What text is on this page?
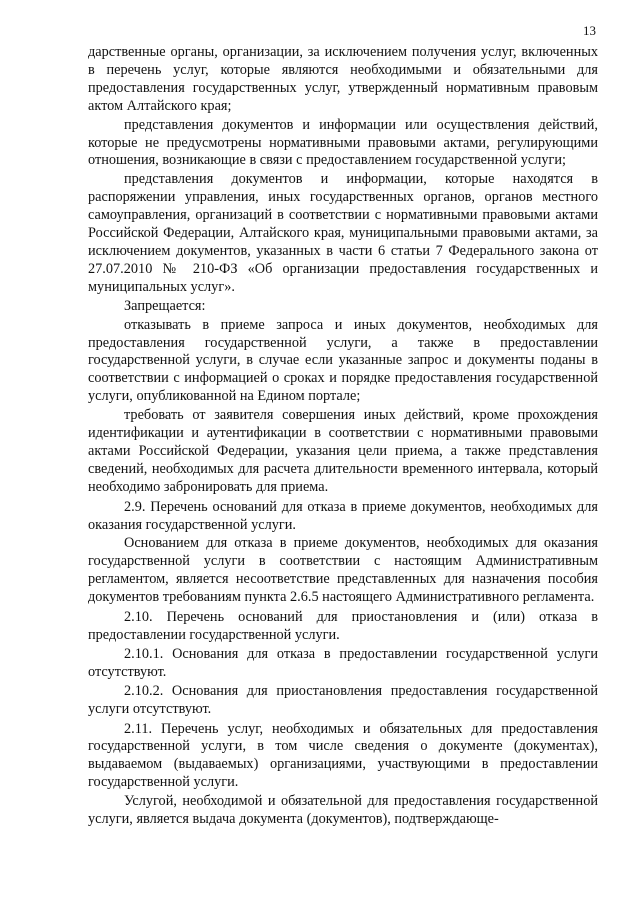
13

дарственные органы, организации, за исключением получения услуг, включенных в перечень услуг, которые являются необходимыми и обязательными для предоставления государственных услуг, утвержденный нормативным правовым актом Алтайского края;

представления документов и информации или осуществления действий, которые не предусмотрены нормативными правовыми актами, регулирующими отношения, возникающие в связи с предоставлением государственной услуги;

представления документов и информации, которые находятся в распоряжении управления, иных государственных органов, органов местного самоуправления, организаций в соответствии с нормативными правовыми актами Российской Федерации, Алтайского края, муниципальными правовыми актами, за исключением документов, указанных в части 6 статьи 7 Федерального закона от 27.07.2010 № 210-ФЗ «Об организации предоставления государственных и муниципальных услуг».

Запрещается:

отказывать в приеме запроса и иных документов, необходимых для предоставления государственной услуги, а также в предоставлении государственной услуги, в случае если указанные запрос и документы поданы в соответствии с информацией о сроках и порядке предоставления государственной услуги, опубликованной на Едином портале;

требовать от заявителя совершения иных действий, кроме прохождения идентификации и аутентификации в соответствии с нормативными правовыми актами Российской Федерации, указания цели приема, а также представления сведений, необходимых для расчета длительности временного интервала, который необходимо забронировать для приема.

2.9. Перечень оснований для отказа в приеме документов, необходимых для оказания государственной услуги.

Основанием для отказа в приеме документов, необходимых для оказания государственной услуги в соответствии с настоящим Административным регламентом, является несоответствие представленных для назначения пособия документов требованиям пункта 2.6.5 настоящего Административного регламента.

2.10. Перечень оснований для приостановления и (или) отказа в предоставлении государственной услуги.

2.10.1. Основания для отказа в предоставлении государственной услуги отсутствуют.

2.10.2. Основания для приостановления предоставления государственной услуги отсутствуют.

2.11. Перечень услуг, необходимых и обязательных для предоставления государственной услуги, в том числе сведения о документе (документах), выдаваемом (выдаваемых) организациями, участвующими в предоставлении государственной услуги.

Услугой, необходимой и обязательной для предоставления государственной услуги, является выдача документа (документов), подтверждающе-
